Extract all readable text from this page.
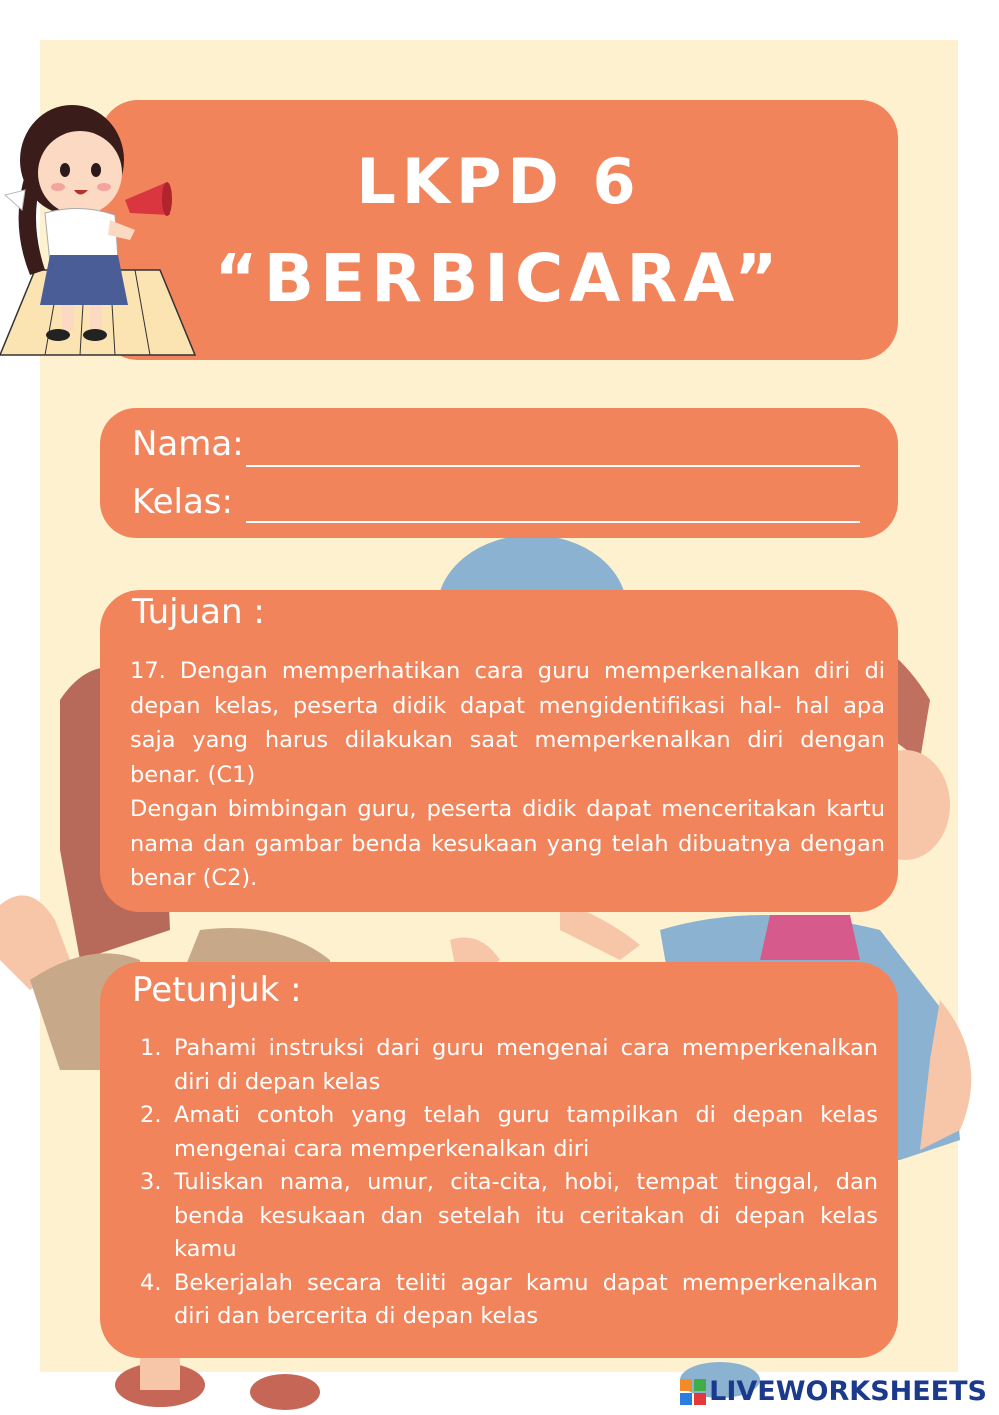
LKPD 6
“BERBICARA”
Nama:
Kelas:
Tujuan :

17. Dengan memperhatikan cara guru memperkenalkan diri di depan kelas, peserta didik dapat mengidentifikasi hal- hal apa saja yang harus dilakukan saat memperkenalkan diri dengan benar. (C1)

Dengan bimbingan guru, peserta didik dapat menceritakan kartu nama dan gambar benda kesukaan yang telah dibuatnya dengan benar (C2).

Petunjuk :
1. Pahami instruksi dari guru mengenai cara memperkenalkan diri di depan kelas
2. Amati contoh yang telah guru tampilkan di depan kelas mengenai cara memperkenalkan diri
3. Tuliskan nama, umur, cita-cita, hobi, tempat tinggal, dan benda kesukaan dan setelah itu ceritakan di depan kelas kamu
4. Bekerjalah secara teliti agar kamu dapat memperkenalkan diri dan bercerita di depan kelas
LIVEWORKSHEETS
